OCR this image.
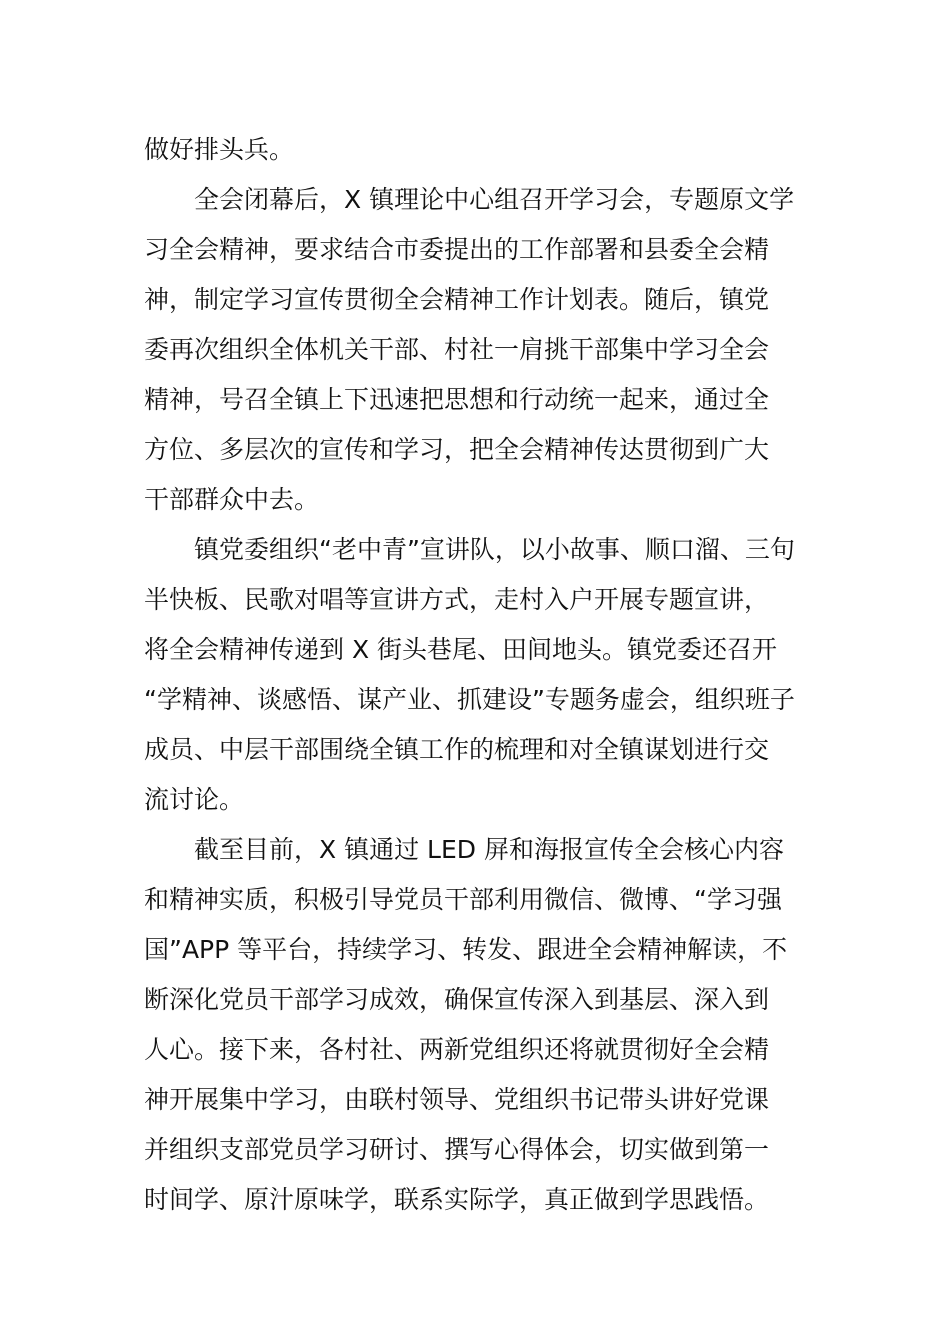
做好排头兵。
全会闭幕后，X 镇理论中心组召开学习会，专题原文学
习全会精神，要求结合市委提出的工作部署和县委全会精
神，制定学习宣传贯彻全会精神工作计划表。随后，镇党
委再次组织全体机关干部、村社一肩挑干部集中学习全会
精神，号召全镇上下迅速把思想和行动统一起来，通过全
方位、多层次的宣传和学习，把全会精神传达贯彻到广大
干部群众中去。
镇党委组织“老中青”宣讲队，以小故事、顺口溜、三句
半快板、民歌对唱等宣讲方式，走村入户开展专题宣讲，
将全会精神传递到 X 街头巷尾、田间地头。镇党委还召开
“学精神、谈感悟、谋产业、抓建设”专题务虚会，组织班子
成员、中层干部围绕全镇工作的梳理和对全镇谋划进行交
流讨论。
截至目前，X 镇通过 LED 屏和海报宣传全会核心内容
和精神实质，积极引导党员干部利用微信、微博、“学习强
国”APP 等平台，持续学习、转发、跟进全会精神解读，不
断深化党员干部学习成效，确保宣传深入到基层、深入到
人心。接下来，各村社、两新党组织还将就贯彻好全会精
神开展集中学习，由联村领导、党组织书记带头讲好党课
并组织支部党员学习研讨、撰写心得体会，切实做到第一
时间学、原汁原味学，联系实际学，真正做到学思践悟。
